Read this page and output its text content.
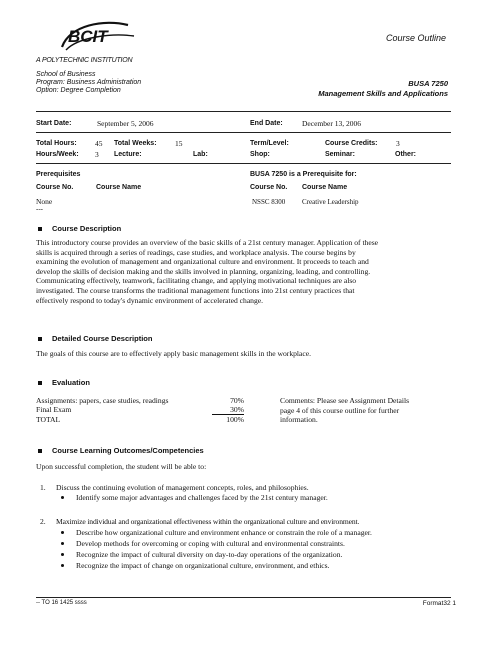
BCIT
A POLYTECHNIC INSTITUTION
Course Outline
School of Business
Program: Business Administration
Option: Degree Completion
BUSA 7250
Management Skills and Applications
Start Date:	September 5, 2006	End Date:	December 13, 2006
Total Hours: 45 Total Weeks: 15	Term/Level:	Course Credits: 3
Hours/Week: 3 Lecture:	Lab:	Shop:	Seminar:	Other:
Prerequisites
Course No.	Course Name
None
---
BUSA 7250 is a Prerequisite for:
Course No. Course Name
NSSC 8300 Creative Leadership
Course Description
This introductory course provides an overview of the basic skills of a 21st century manager. Application of these
skills is acquired through a series of readings, case studies, and workplace analysis. The course begins by
examining the evolution of management and organizational culture and environment. It proceeds to teach and
develop the skills of decision making and the skills involved in planning, organizing, leading, and controlling.
Communicating effectively, teamwork, facilitating change, and applying motivational techniques are also
investigated. The course transforms the traditional management functions into 21st century practices that
effectively respond to today's dynamic environment of accelerated change.
Detailed Course Description
The goals of this course are to effectively apply basic management skills in the workplace.
Evaluation
Assignments: papers, case studies, readings	70%
Final Exam	30%
TOTAL	100%
Comments: Please see Assignment Details
page 4 of this course outline for further
information.
Course Learning Outcomes/Competencies
Upon successful completion, the student will be able to:
1. Discuss the continuing evolution of management concepts, roles, and philosophies.
Identify some major advantages and challenges faced by the 21st century manager.
2. Maximize individual and organizational effectiveness within the organizational culture and environment.
Describe how organizational culture and environment enhance or constrain the role of a manager.
Develop methods for overcoming or coping with cultural and environmental constraints.
Recognize the impact of cultural diversity on day-to-day operations of the organization.
Recognize the impact of change on organizational culture, environment, and ethics.
-- TO 16 1425 ssss	Format32 1
